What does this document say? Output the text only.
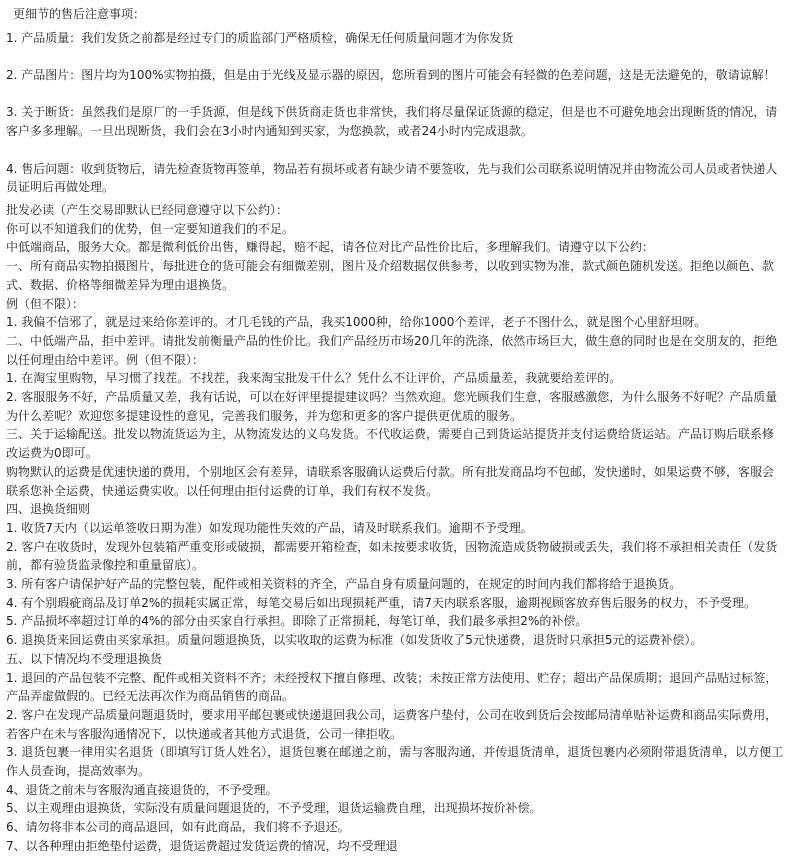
更细节的售后注意事项：

1. 产品质量：我们发货之前都是经过专门的质监部门严格质检，确保无任何质量问题才为你发货

2. 产品图片：图片均为100%实物拍摄，但是由于光线及显示器的原因，您所看到的图片可能会有轻微的色差问题，这是无法避免的，敬请谅解！

3. 关于断货：虽然我们是原厂的一手货源，但是线下供货商走货也非常快，我们将尽量保证货源的稳定，但是也不可避免地会出现断货的情况，请客户多多理解。一旦出现断货，我们会在3小时内通知到买家，为您换款，或者24小时内完成退款。

4. 售后问题：收到货物后，请先检查货物再签单，物品若有损坏或者有缺少请不要签收，先与我们公司联系说明情况并由物流公司人员或者快递人员证明后再做处理。

批发必读（产生交易即默认已经同意遵守以下公约）：

你可以不知道我们的优势，但一定要知道我们的不足。

中低端商品，服务大众。都是微利低价出售，赚得起，赔不起，请各位对比产品性价比后，多理解我们。请遵守以下公约：

一、所有商品实物拍摄图片，每批进仓的货可能会有细微差别，图片及介绍数据仅供参考，以收到实物为准，款式颜色随机发送。拒绝以颜色、款式、数据、价格等细微差异为理由退换货。

例（但不限）：

1. 我偏不信邪了，就是过来给你差评的。才几毛钱的产品，我买1000种，给你1000个差评，老子不图什么，就是图个心里舒坦呀。

二、中低端产品，拒中差评。请批发前衡量产品的性价比。我们产品经历市场20几年的洗涤，依然市场巨大，做生意的同时也是在交朋友的，拒绝以任何理由给中差评。例（但不限）：

1. 在淘宝里购物，早习惯了找茬。不找茬，我来淘宝批发干什么？凭什么不让评价，产品质量差，我就要给差评的。

2. 客服服务不好，产品质量又差，我有话说，可以在好评里提提建议吗？当然欢迎。您光顾我们生意，客服感激您，为什么服务不好呢？产品质量为什么差呢？欢迎您多提建设性的意见，完善我们服务，并为您和更多的客户提供更优质的服务。

三、关于运输配送。批发以物流货运为主，从物流发达的义乌发货。不代收运费，需要自己到货运站提货并支付运费给货运站。产品订购后联系修改运费为0即可。

购物默认的运费是优速快递的费用，个别地区会有差异，请联系客服确认运费后付款。所有批发商品均不包邮，发快递时，如果运费不够，客服会联系您补全运费，快递运费实收。以任何理由拒付运费的订单，我们有权不发货。

四、退换货细则

1. 收货7天内（以运单签收日期为准）如发现功能性失效的产品，请及时联系我们。逾期不予受理。

2. 客户在收货时，发现外包装箱严重变形或破损，都需要开箱检查，如未按要求收货，因物流造成货物破损或丢失，我们将不承担相关责任（发货前，都有验货监录像控和重量留底）。

3. 所有客户请保护好产品的完整包装，配件或相关资料的齐全，产品自身有质量问题的，在规定的时间内我们都将给于退换货。

4. 有个别瑕疵商品及订单2%的损耗实属正常，每笔交易后如出现损耗严重，请7天内联系客服，逾期视顾客放弃售后服务的权力，不予受理。

5. 产品损坏率超过订单的4%的部分由买家自行承担。即除了正常损耗，每笔订单，我们最多承担2%的补偿。

6. 退换货来回运费由买家承担。质量问题退换货，以实收取的运费为标准（如发货收了5元快递费，退货时只承担5元的运费补偿）。

五、以下情况均不受理退换货

1. 退回的产品包装不完整、配件或相关资料不齐；未经授权下擅自修理、改装；未按正常方法使用、贮存；超出产品保质期；退回产品贴过标签，产品弄虚做假的。已经无法再次作为商品销售的商品。

2. 客户在发现产品质量问题退货时，要求用平邮包裹或快递退回我公司，运费客户垫付，公司在收到货后会按邮局清单贴补运费和商品实际费用，若客户在未与客服沟通情况下，以快递或者其他方式退货，公司一律拒收。

3. 退货包裹一律用实名退货（即填写订货人姓名），退货包裹在邮递之前，需与客服沟通，并传退货清单，退货包裹内必须附带退货清单，以方便工作人员查询，提高效率为。

4、退货之前未与客服沟通直接退货的，不予受理。

5、以主观理由退换货，实际没有质量问题退货的，不予受理，退货运输费自理，出现损坏按价补偿。

6、请勿将非本公司的商品退回，如有此商品，我们将不予退还。

7、以各种理由拒绝垫付运费，退货运费超过发货运费的情况，均不受理退
